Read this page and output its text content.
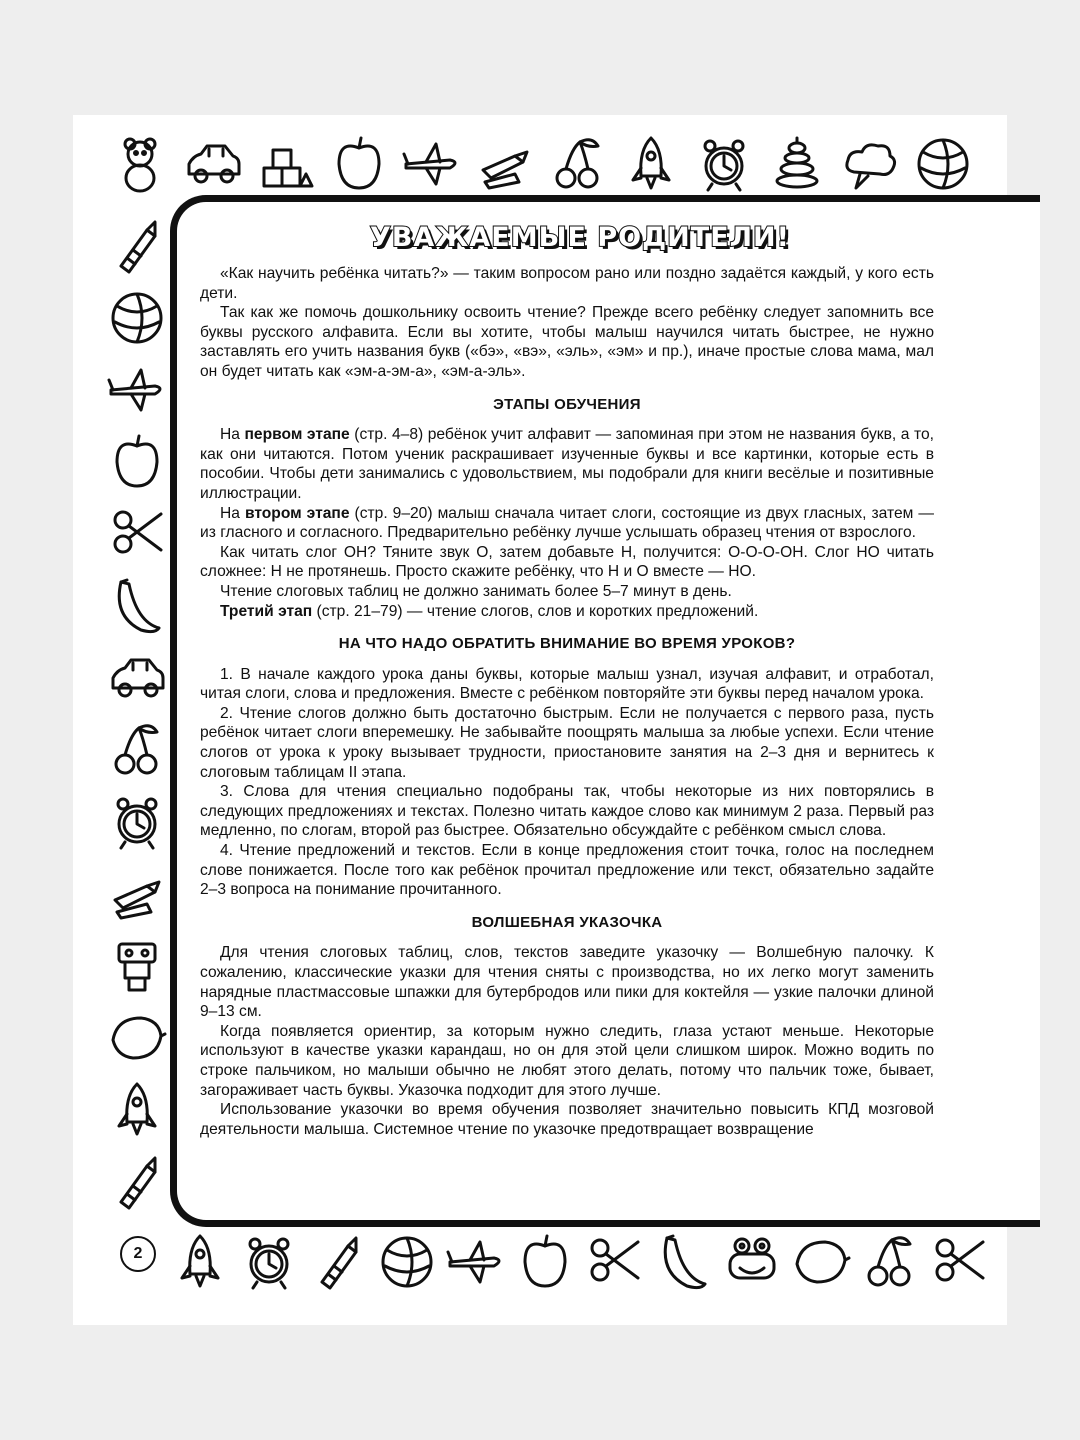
УВАЖАЕМЫЕ РОДИТЕЛИ!

«Как научить ребёнка читать?» — таким вопросом рано или поздно задаётся каждый, у кого есть дети.

Так как же помочь дошкольнику освоить чтение? Прежде всего ребёнку следует запомнить все буквы русского алфавита. Если вы хотите, чтобы малыш научился читать быстрее, не нужно заставлять его учить названия букв («бэ», «вэ», «эль», «эм» и пр.), иначе простые слова мама, мал он будет читать как «эм-а-эм-а», «эм-а-эль».

ЭТАПЫ ОБУЧЕНИЯ

На первом этапе (стр. 4–8) ребёнок учит алфавит — запоминая при этом не названия букв, а то, как они читаются. Потом ученик раскрашивает изученные буквы и все картинки, которые есть в пособии. Чтобы дети занимались с удовольствием, мы подобрали для книги весёлые и позитивные иллюстрации.

На втором этапе (стр. 9–20) малыш сначала читает слоги, состоящие из двух гласных, затем — из гласного и согласного. Предварительно ребёнку лучше услышать образец чтения от взрослого.

Как читать слог ОН? Тяните звук О, затем добавьте Н, получится: О-О-О-ОН. Слог НО читать сложнее: Н не протянешь. Просто скажите ребёнку, что Н и О вместе — НО.

Чтение слоговых таблиц не должно занимать более 5–7 минут в день.

Третий этап (стр. 21–79) — чтение слогов, слов и коротких предложений.

НА ЧТО НАДО ОБРАТИТЬ ВНИМАНИЕ ВО ВРЕМЯ УРОКОВ?

1. В начале каждого урока даны буквы, которые малыш узнал, изучая алфавит, и отработал, читая слоги, слова и предложения. Вместе с ребёнком повторяйте эти буквы перед началом урока.

2. Чтение слогов должно быть достаточно быстрым. Если не получается с первого раза, пусть ребёнок читает слоги вперемешку. Не забывайте поощрять малыша за любые успехи. Если чтение слогов от урока к уроку вызывает трудности, приостановите занятия на 2–3 дня и вернитесь к слоговым таблицам II этапа.

3. Слова для чтения специально подобраны так, чтобы некоторые из них повторялись в следующих предложениях и текстах. Полезно читать каждое слово как минимум 2 раза. Первый раз медленно, по слогам, второй раз быстрее. Обязательно обсуждайте с ребёнком смысл слова.

4. Чтение предложений и текстов. Если в конце предложения стоит точка, голос на последнем слове понижается. После того как ребёнок прочитал предложение или текст, обязательно задайте 2–3 вопроса на понимание прочитанного.

ВОЛШЕБНАЯ УКАЗОЧКА

Для чтения слоговых таблиц, слов, текстов заведите указочку — Волшебную палочку. К сожалению, классические указки для чтения сняты с производства, но их легко могут заменить нарядные пластмассовые шпажки для бутербродов или пики для коктейля — узкие палочки длиной 9–13 см.

Когда появляется ориентир, за которым нужно следить, глаза устают меньше. Некоторые используют в качестве указки карандаш, но он для этой цели слишком широк. Можно водить по строке пальчиком, но малыши обычно не любят этого делать, потому что пальчик тоже, бывает, загораживает часть буквы. Указочка подходит для этого лучше.

Использование указочки во время обучения позволяет значительно повысить КПД мозговой деятельности малыша. Системное чтение по указочке предотвращает возвращение

2
